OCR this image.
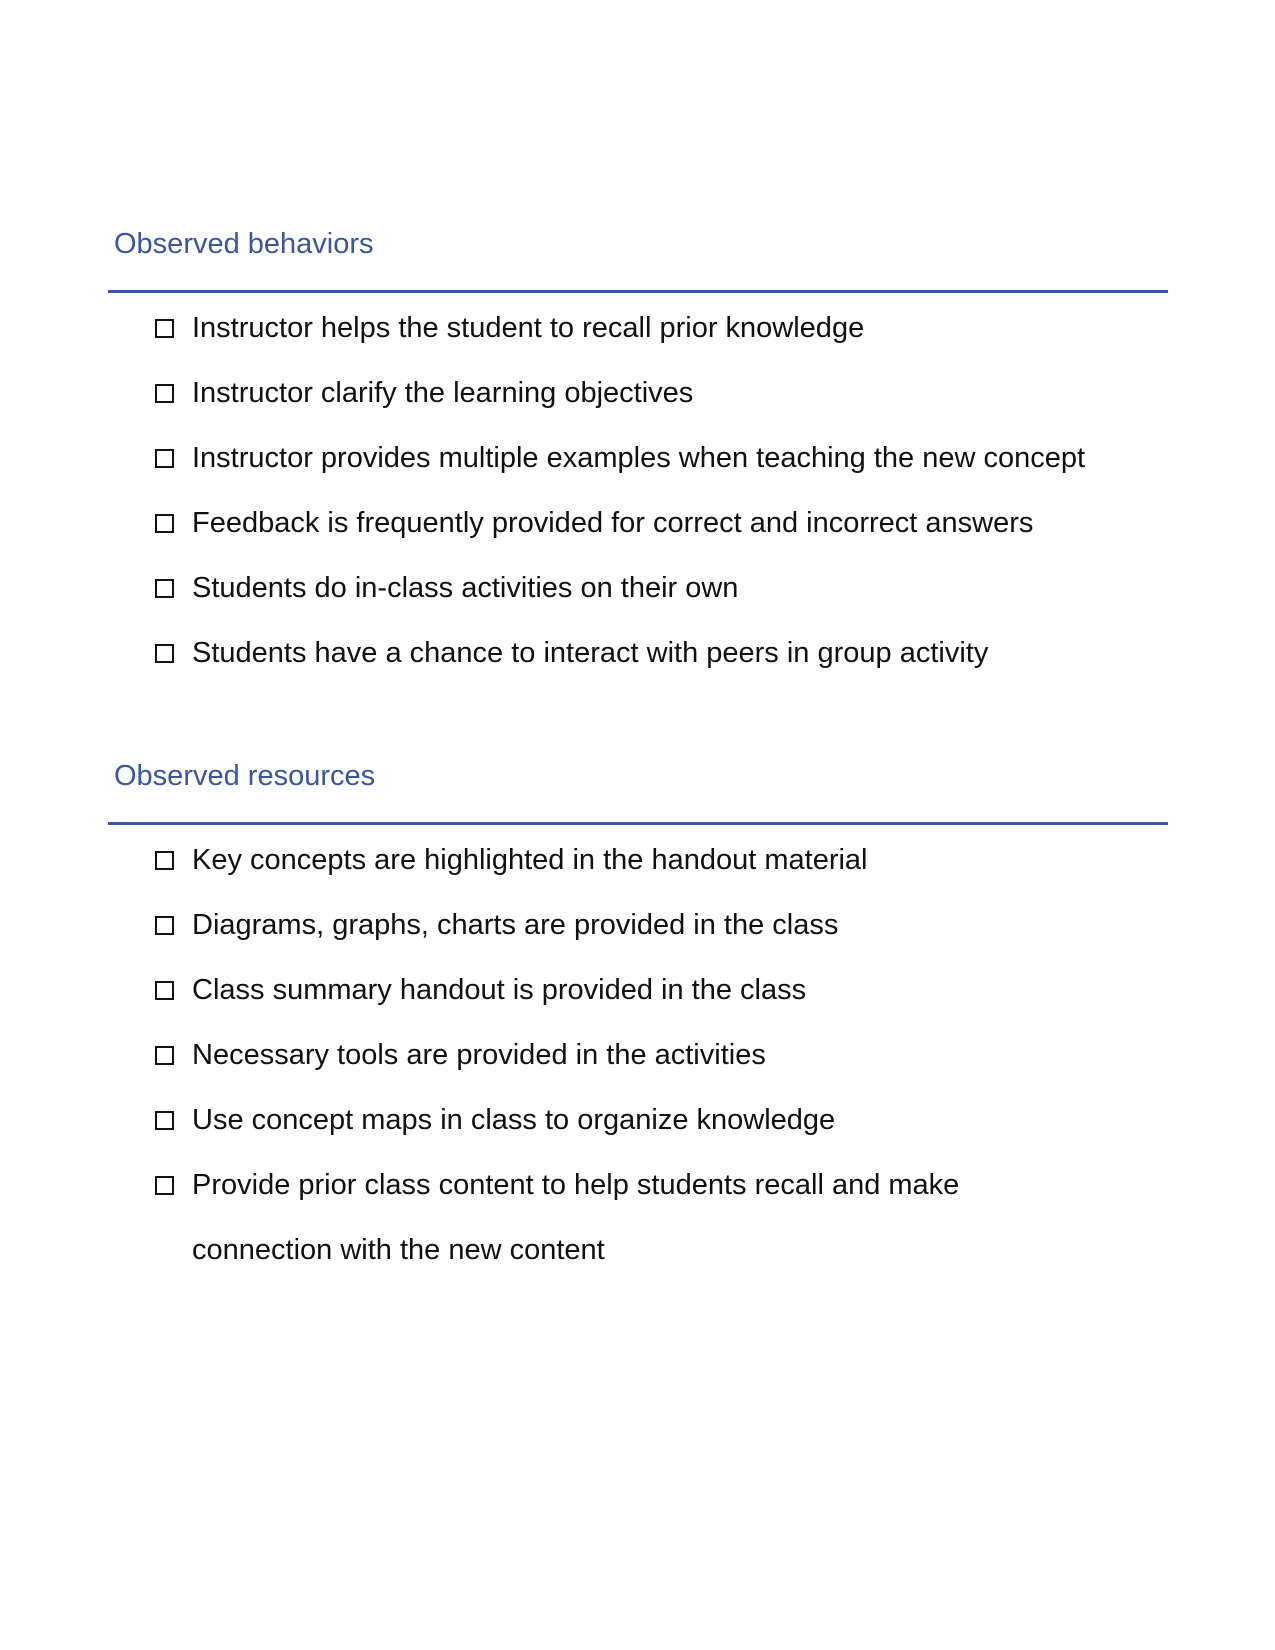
Observed behaviors
Instructor helps the student to recall prior knowledge
Instructor clarify the learning objectives
Instructor provides multiple examples when teaching the new concept
Feedback is frequently provided for correct and incorrect answers
Students do in-class activities on their own
Students have a chance to interact with peers in group activity
Observed resources
Key concepts are highlighted in the handout material
Diagrams, graphs, charts are provided in the class
Class summary handout is provided in the class
Necessary tools are provided in the activities
Use concept maps in class to organize knowledge
Provide prior class content to help students recall and make connection with the new content
